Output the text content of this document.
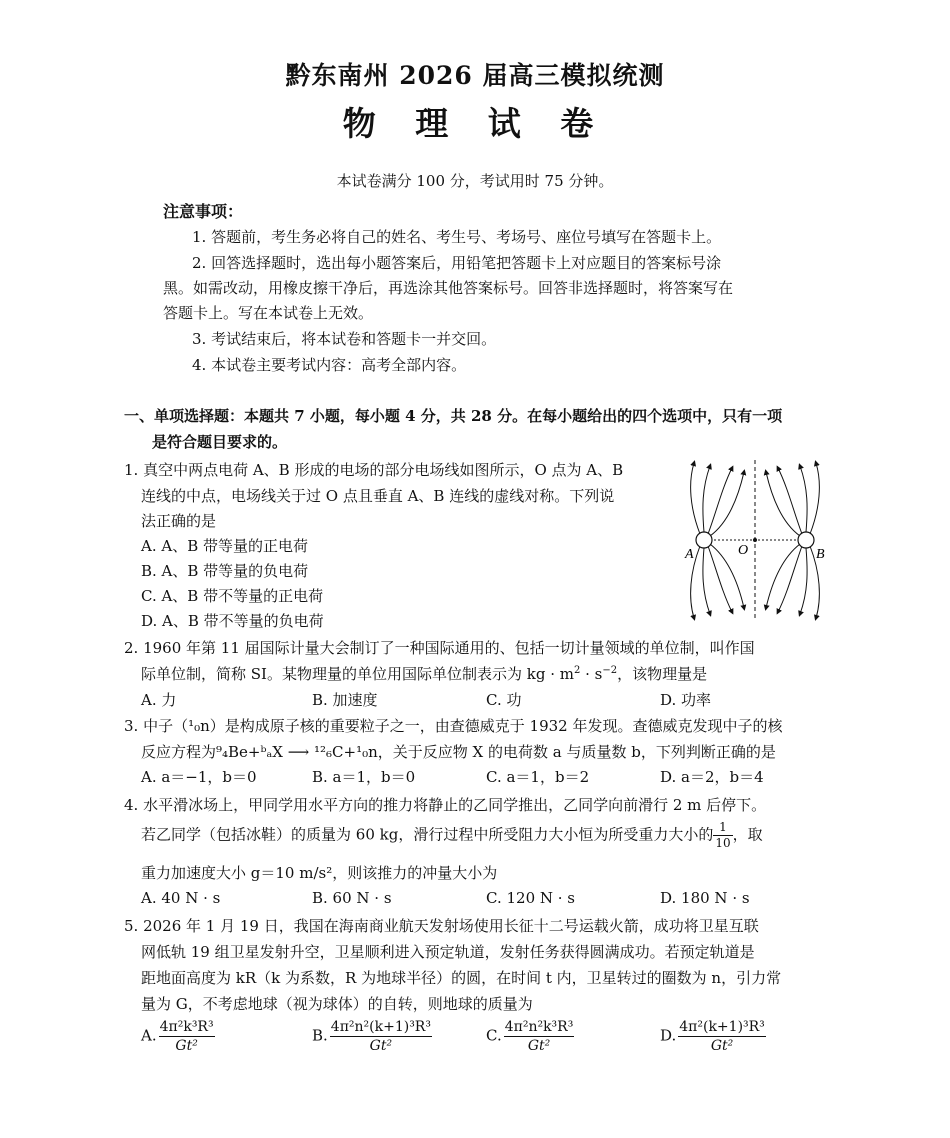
黔东南州 2026 届高三模拟统测
物 理 试 卷
本试卷满分 100 分，考试用时 75 分钟。
注意事项：
1. 答题前，考生务必将自己的姓名、考生号、考场号、座位号填写在答题卡上。
2. 回答选择题时，选出每小题答案后，用铅笔把答题卡上对应题目的答案标号涂
黑。如需改动，用橡皮擦干净后，再选涂其他答案标号。回答非选择题时，将答案写在
答题卡上。写在本试卷上无效。
3. 考试结束后，将本试卷和答题卡一并交回。
4. 本试卷主要考试内容：高考全部内容。
一、单项选择题：本题共 7 小题，每小题 4 分，共 28 分。在每小题给出的四个选项中，只有一项
是符合题目要求的。
1. 真空中两点电荷 A、B 形成的电场的部分电场线如图所示，O 点为 A、B
连线的中点，电场线关于过 O 点且垂直 A、B 连线的虚线对称。下列说
法正确的是
A. A、B 带等量的正电荷
B. A、B 带等量的负电荷
C. A、B 带不等量的正电荷
D. A、B 带不等量的负电荷
A	O	B
2. 1960 年第 11 届国际计量大会制订了一种国际通用的、包括一切计量领域的单位制，叫作国
际单位制，简称 SI。某物理量的单位用国际单位制表示为 kg · $m^2 \cdot s^{-2}$，该物理量是
A. 力	B. 加速度	C. 功	D. 功率
3. 中子（¹₀n）是构成原子核的重要粒子之一，由查德威克于 1932 年发现。查德威克发现中子的核
反应方程为⁹₄Be+ᵇₐX ⟶ ¹²₆C+¹₀n，关于反应物 X 的电荷数 a 与质量数 b，下列判断正确的是
A. a＝−1，b＝0	B. a＝1，b＝0	C. a＝1，b＝2	D. a＝2，b＝4
4. 水平滑冰场上，甲同学用水平方向的推力将静止的乙同学推出，乙同学向前滑行 2 m 后停下。
若乙同学（包括冰鞋）的质量为 60 kg，滑行过程中所受阻力大小恒为所受重力大小的 $\frac{1}{10}$ ，取
重力加速度大小 g＝10 m/s²，则该推力的冲量大小为
A. 40 N · s	B. 60 N · s	C. 120 N · s	D. 180 N · s
5. 2026 年 1 月 19 日，我国在海南商业航天发射场使用长征十二号运载火箭，成功将卫星互联
网低轨 19 组卫星发射升空，卫星顺利进入预定轨道，发射任务获得圆满成功。若预定轨道是
距地面高度为 kR（k 为系数，R 为地球半径）的圆，在时间 t 内，卫星转过的圈数为 n，引力常
量为 G，不考虑地球（视为球体）的自转，则地球的质量为
A. $\frac{\text{4π²k³R³}}{\text{Gt²}}$	B. $\frac{\text{4π²n²(k+1)³R³}}{\text{Gt²}}$	C. $\frac{\text{4π²n²k³R³}}{\text{Gt²}}$	D. $\frac{\text{4π²(k+1)³R³}}{\text{Gt²}}$
